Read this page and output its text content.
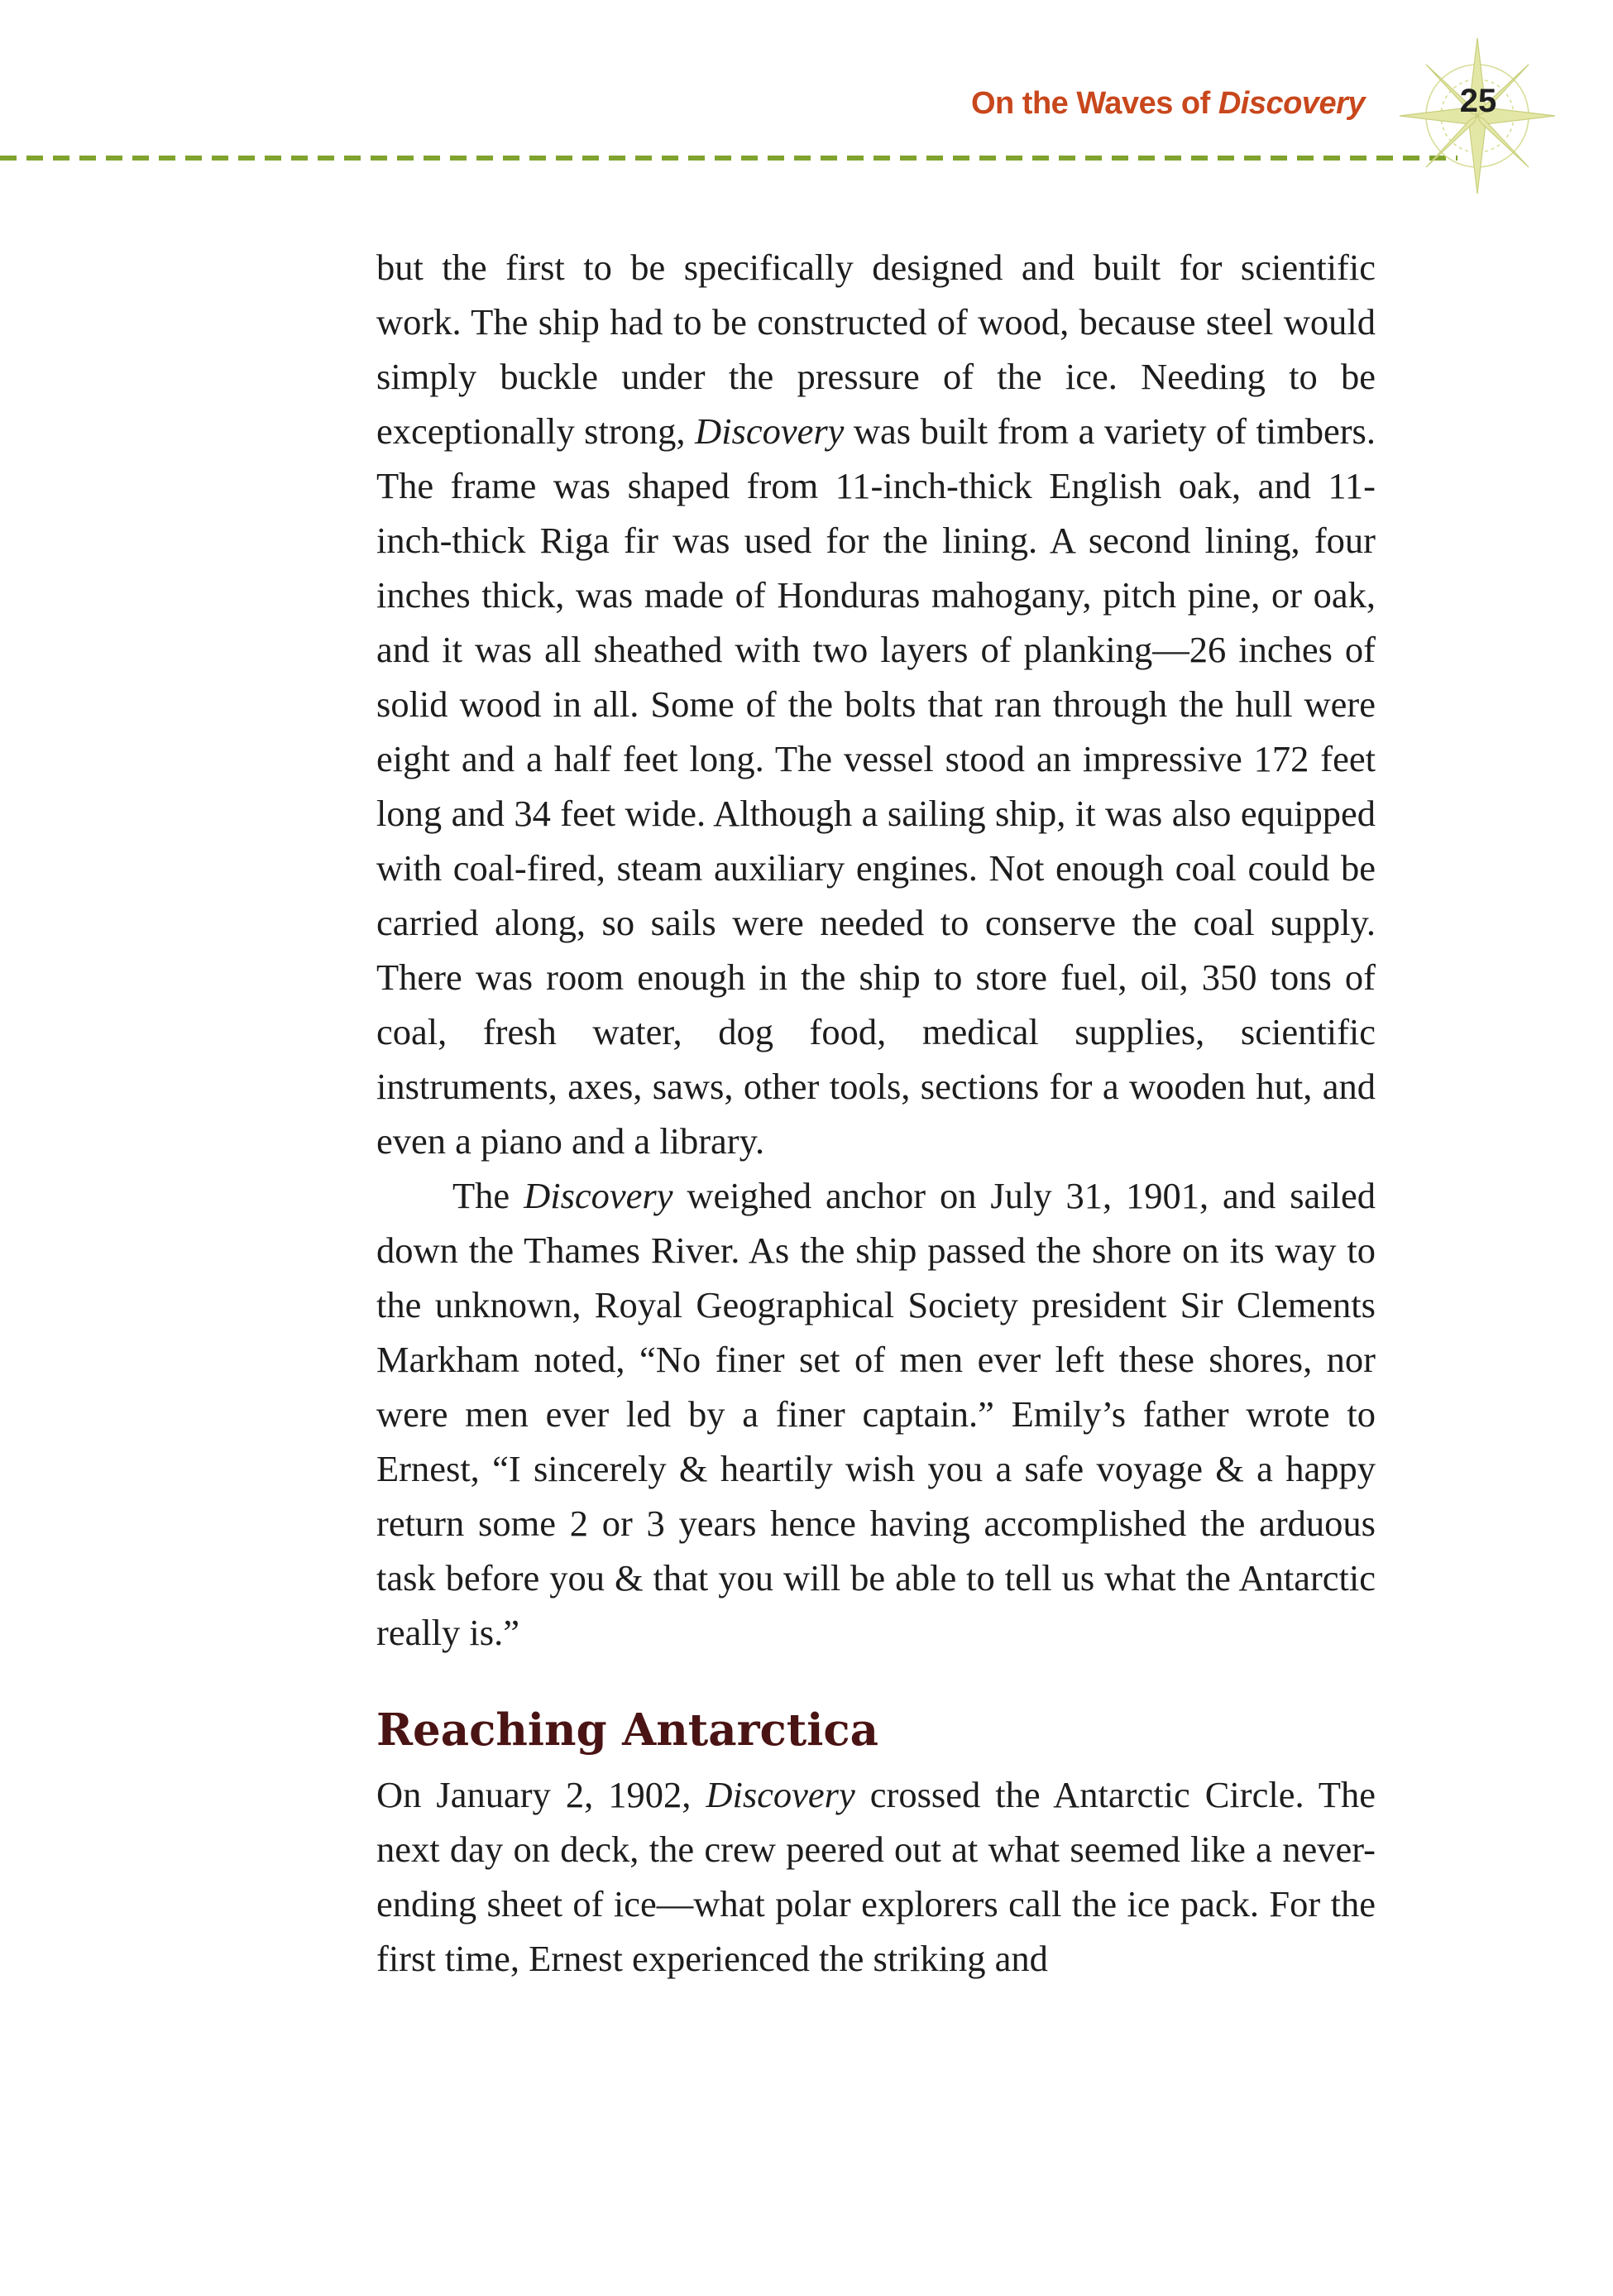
On the Waves of Discovery	25

but the first to be specifically designed and built for scientific work. The ship had to be constructed of wood, because steel would simply buckle under the pressure of the ice. Needing to be exceptionally strong, Discovery was built from a variety of timbers. The frame was shaped from 11-inch-thick English oak, and 11-inch-thick Riga fir was used for the lining. A second lining, four inches thick, was made of Honduras mahogany, pitch pine, or oak, and it was all sheathed with two layers of planking—26 inches of solid wood in all. Some of the bolts that ran through the hull were eight and a half feet long. The vessel stood an impressive 172 feet long and 34 feet wide. Although a sailing ship, it was also equipped with coal-fired, steam auxiliary engines. Not enough coal could be carried along, so sails were needed to conserve the coal supply. There was room enough in the ship to store fuel, oil, 350 tons of coal, fresh water, dog food, medical supplies, scientific instruments, axes, saws, other tools, sections for a wooden hut, and even a piano and a library.

The Discovery weighed anchor on July 31, 1901, and sailed down the Thames River. As the ship passed the shore on its way to the unknown, Royal Geographical Society president Sir Clements Markham noted, “No finer set of men ever left these shores, nor were men ever led by a finer captain.” Emily’s father wrote to Ernest, “I sincerely & heartily wish you a safe voyage & a happy return some 2 or 3 years hence having accomplished the arduous task before you & that you will be able to tell us what the Antarctic really is.”

Reaching Antarctica

On January 2, 1902, Discovery crossed the Antarctic Circle. The next day on deck, the crew peered out at what seemed like a never-ending sheet of ice—what polar explorers call the ice pack. For the first time, Ernest experienced the striking and
